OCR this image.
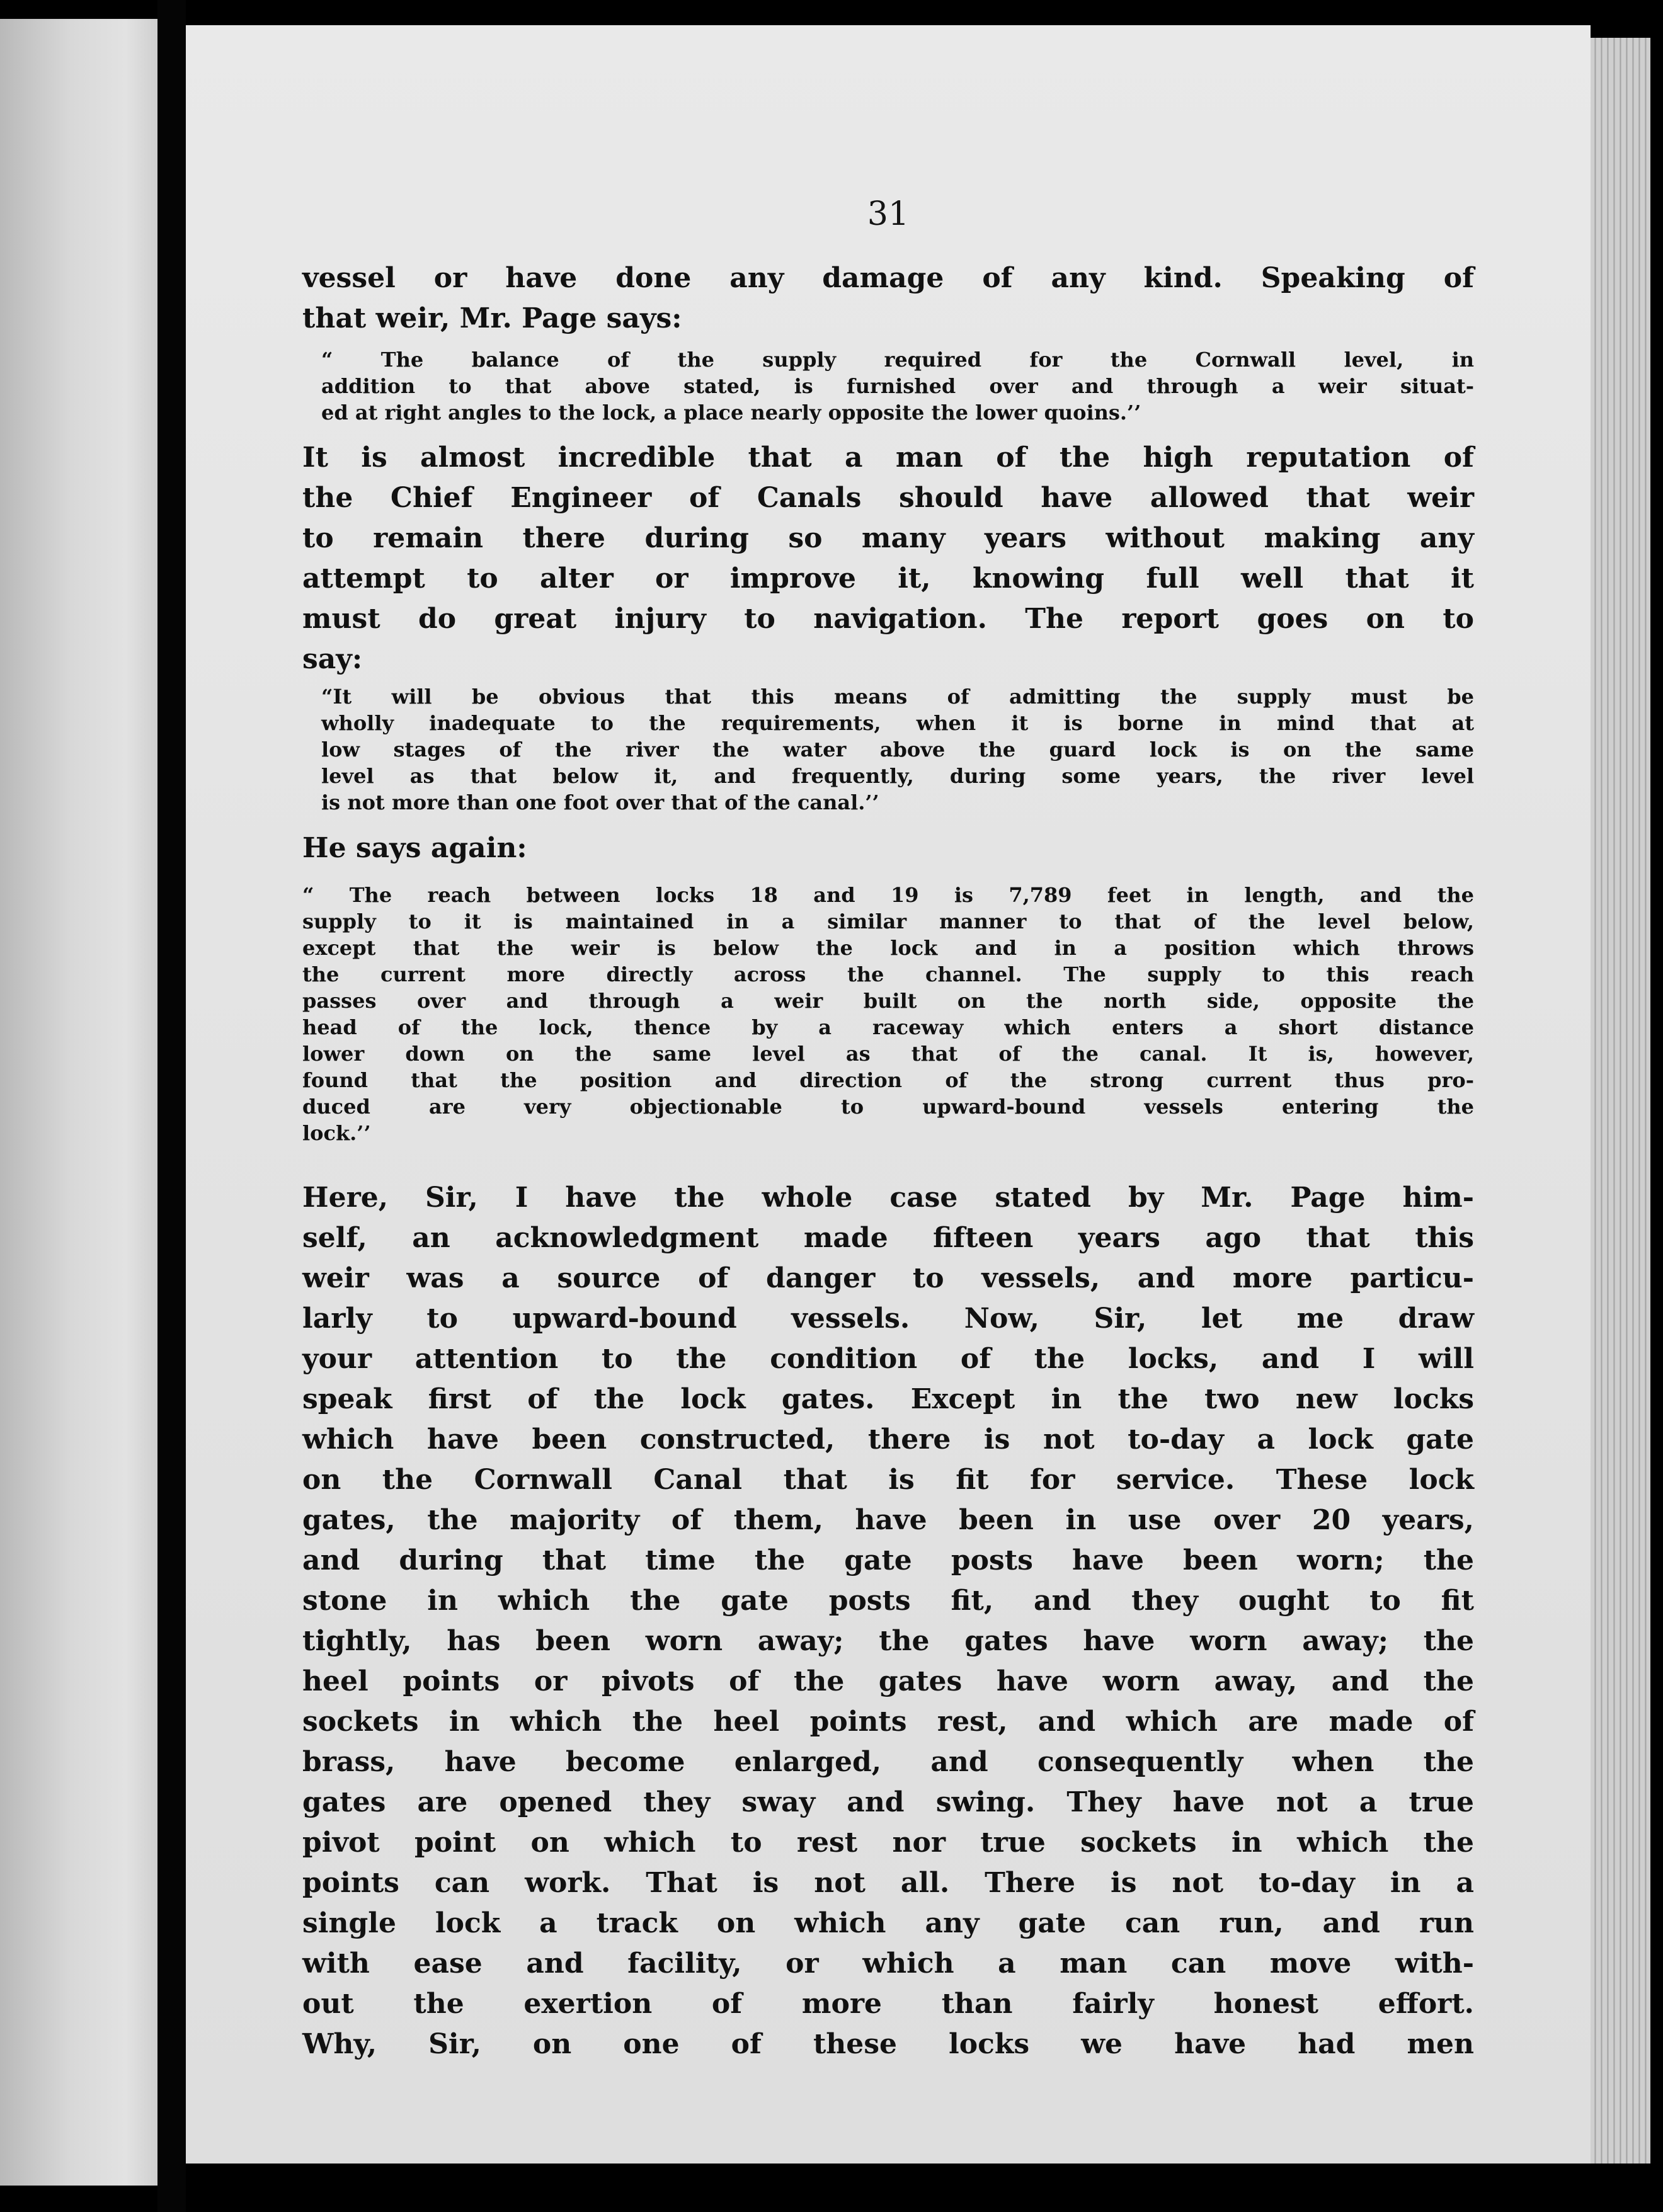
31
vessel or have done any damage of any kind. Speaking of
that weir, Mr. Page says:
“ The balance of the supply required for the Cornwall level, in
addition to that above stated, is furnished over and through a weir situat-
ed at right angles to the lock, a place nearly opposite the lower quoins.’’
It is almost incredible that a man of the high reputation of
the Chief Engineer of Canals should have allowed that weir
to remain there during so many years without making any
attempt to alter or improve it, knowing full well that it
must do great injury to navigation. The report goes on to
say:
“It will be obvious that this means of admitting the supply must be
wholly inadequate to the requirements, when it is borne in mind that at
low stages of the river the water above the guard lock is on the same
level as that below it, and frequently, during some years, the river level
is not more than one foot over that of the canal.’’
He says again:
“ The reach between locks 18 and 19 is 7,789 feet in length, and the
supply to it is maintained in a similar manner to that of the level below,
except that the weir is below the lock and in a position which throws
the current more directly across the channel. The supply to this reach
passes over and through a weir built on the north side, opposite the
head of the lock, thence by a raceway which enters a short distance
lower down on the same level as that of the canal. It is, however,
found that the position and direction of the strong current thus pro-
duced are very objectionable to upward-bound vessels entering the
lock.’’
Here, Sir, I have the whole case stated by Mr. Page him-
self, an acknowledgment made fifteen years ago that this
weir was a source of danger to vessels, and more particu-
larly to upward-bound vessels. Now, Sir, let me draw
your attention to the condition of the locks, and I will
speak first of the lock gates. Except in the two new locks
which have been constructed, there is not to-day a lock gate
on the Cornwall Canal that is fit for service. These lock
gates, the majority of them, have been in use over 20 years,
and during that time the gate posts have been worn; the
stone in which the gate posts fit, and they ought to fit
tightly, has been worn away; the gates have worn away; the
heel points or pivots of the gates have worn away, and the
sockets in which the heel points rest, and which are made of
brass, have become enlarged, and consequently when the
gates are opened they sway and swing. They have not a true
pivot point on which to rest nor true sockets in which the
points can work. That is not all. There is not to-day in a
single lock a track on which any gate can run, and run
with ease and facility, or which a man can move with-
out the exertion of more than fairly honest effort.
Why, Sir, on one of these locks we have had men
